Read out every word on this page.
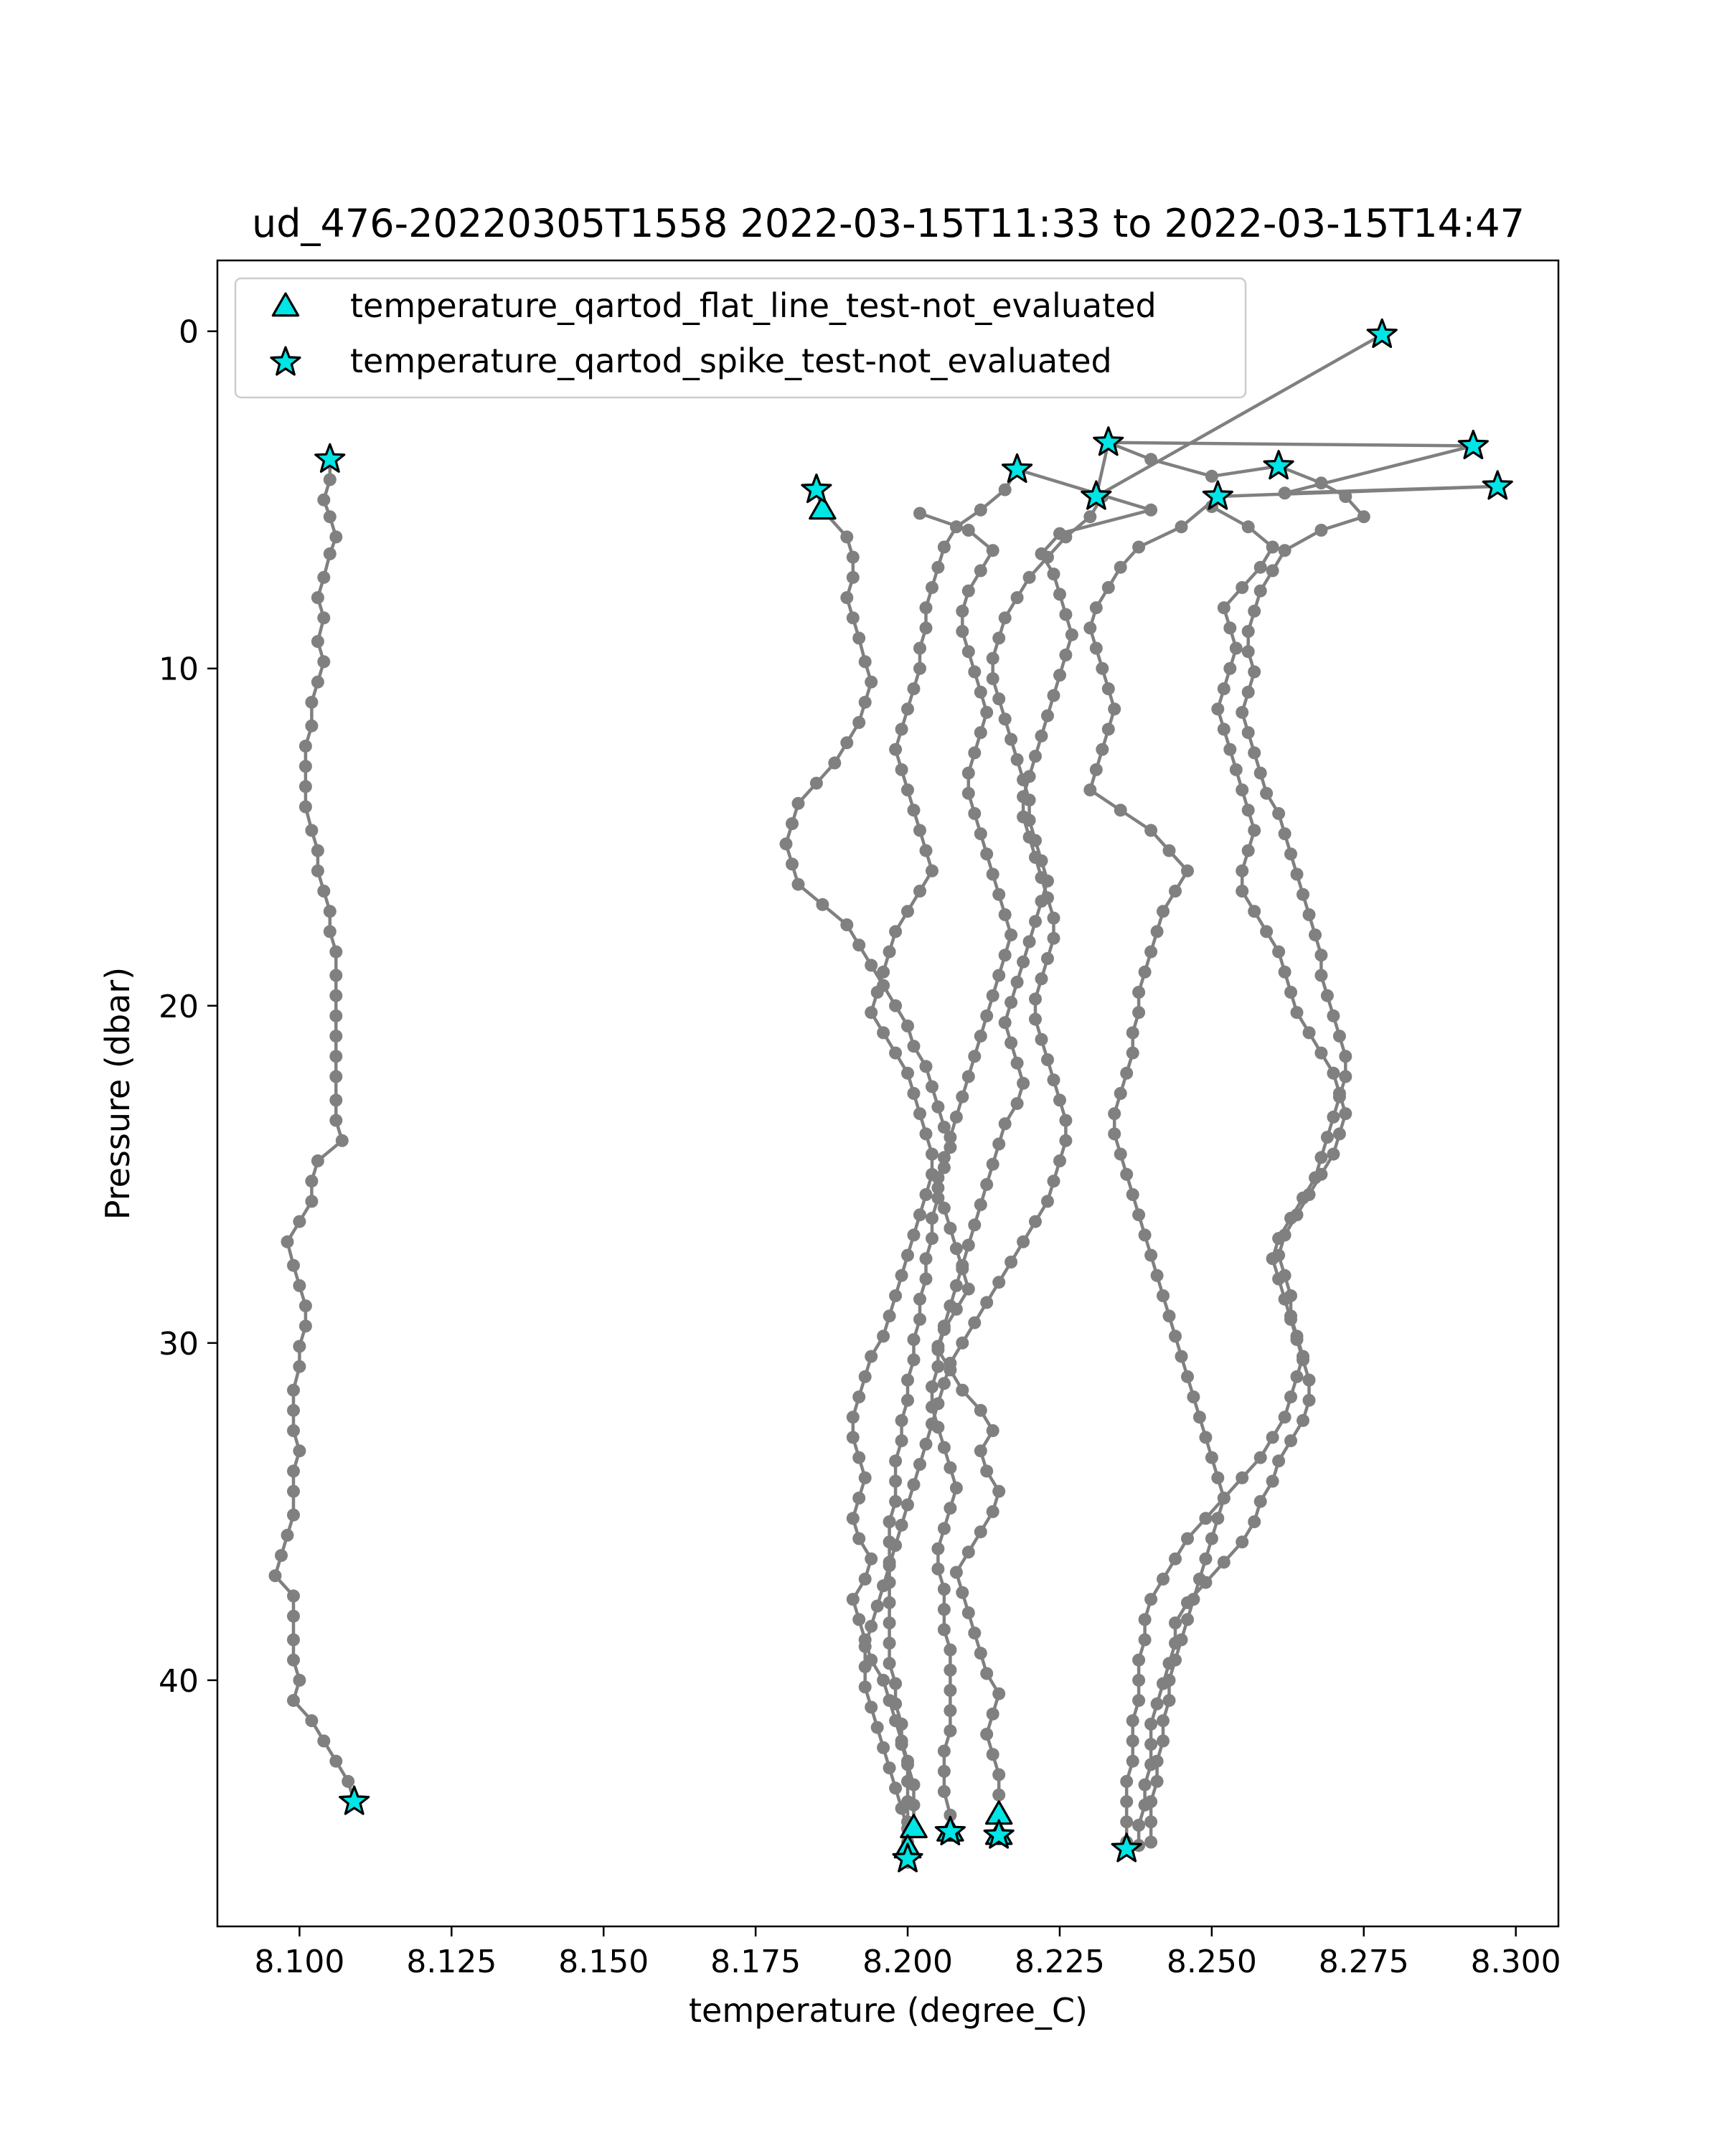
ud_476-20220305T1558 2022-03-15T11:33 to 2022-03-15T14:47
8.100 8.125 8.150 8.175 8.200 8.225 8.250 8.275 8.300
0
10
20
30
40
temperature (degree_C)
Pressure (dbar)
temperature_qartod_flat_line_test-not_evaluated
temperature_qartod_spike_test-not_evaluated
